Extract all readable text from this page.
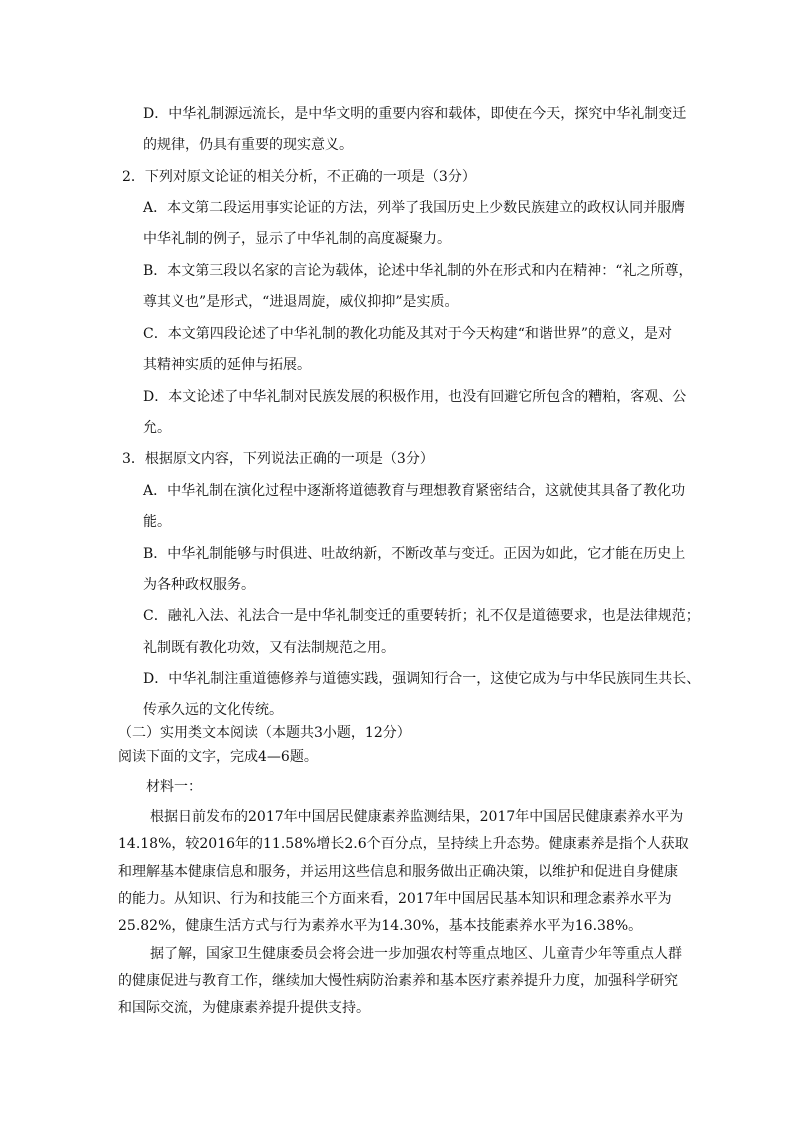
D．中华礼制源远流长，是中华文明的重要内容和载体，即使在今天，探究中华礼制变迁
的规律，仍具有重要的现实意义。
2．下列对原文论证的相关分析，不正确的一项是（3分）
A．本文第二段运用事实论证的方法，列举了我国历史上少数民族建立的政权认同并服膺
中华礼制的例子，显示了中华礼制的高度凝聚力。
B．本文第三段以名家的言论为载体，论述中华礼制的外在形式和内在精神：“礼之所尊，
尊其义也”是形式，“进退周旋，威仪抑抑”是实质。
C．本文第四段论述了中华礼制的教化功能及其对于今天构建“和谐世界”的意义，是对
其精神实质的延伸与拓展。
D．本文论述了中华礼制对民族发展的积极作用，也没有回避它所包含的糟粕，客观、公
允。
3．根据原文内容，下列说法正确的一项是（3分）
A．中华礼制在演化过程中逐渐将道德教育与理想教育紧密结合，这就使其具备了教化功
能。
B．中华礼制能够与时俱进、吐故纳新，不断改革与变迁。正因为如此，它才能在历史上
为各种政权服务。
C．融礼入法、礼法合一是中华礼制变迁的重要转折；礼不仅是道德要求，也是法律规范；
礼制既有教化功效，又有法制规范之用。
D．中华礼制注重道德修养与道德实践，强调知行合一，这使它成为与中华民族同生共长、
传承久远的文化传统。
（二）实用类文本阅读（本题共3小题，12分）
阅读下面的文字，完成4—6题。
材料一：
根据日前发布的2017年中国居民健康素养监测结果，2017年中国居民健康素养水平为
14.18%，较2016年的11.58%增长2.6个百分点，呈持续上升态势。健康素养是指个人获取
和理解基本健康信息和服务，并运用这些信息和服务做出正确决策，以维护和促进自身健康
的能力。从知识、行为和技能三个方面来看，2017年中国居民基本知识和理念素养水平为
25.82%，健康生活方式与行为素养水平为14.30%，基本技能素养水平为16.38%。
据了解，国家卫生健康委员会将会进一步加强农村等重点地区、儿童青少年等重点人群
的健康促进与教育工作，继续加大慢性病防治素养和基本医疗素养提升力度，加强科学研究
和国际交流，为健康素养提升提供支持。
